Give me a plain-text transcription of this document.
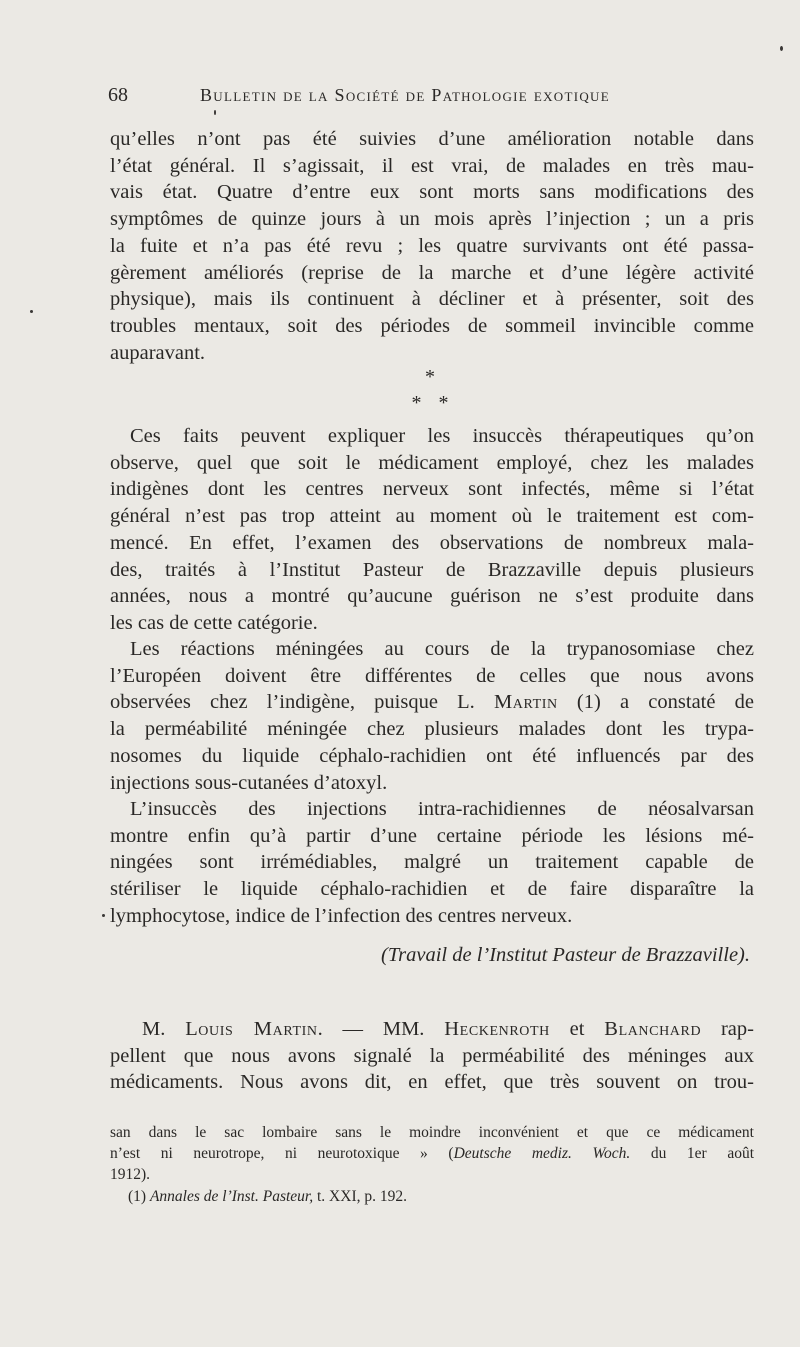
68	Bulletin de la Société de Pathologie exotique
qu’elles n’ont pas été suivies d’une amélioration notable dans
l’état général. Il s’agissait, il est vrai, de malades en très mau-
vais état. Quatre d’entre eux sont morts sans modifications des
symptômes de quinze jours à un mois après l’injection ; un a pris
la fuite et n’a pas été revu ; les quatre survivants ont été passa-
gèrement améliorés (reprise de la marche et d’une légère activité
physique), mais ils continuent à décliner et à présenter, soit des
troubles mentaux, soit des périodes de sommeil invincible comme
auparavant.
*
* *
Ces faits peuvent expliquer les insuccès thérapeutiques qu’on
observe, quel que soit le médicament employé, chez les malades
indigènes dont les centres nerveux sont infectés, même si l’état
général n’est pas trop atteint au moment où le traitement est com-
mencé. En effet, l’examen des observations de nombreux mala-
des, traités à l’Institut Pasteur de Brazzaville depuis plusieurs
années, nous a montré qu’aucune guérison ne s’est produite dans
les cas de cette catégorie.
Les réactions méningées au cours de la trypanosomiase chez
l’Européen doivent être différentes de celles que nous avons
observées chez l’indigène, puisque L. Martin (1) a constaté de
la perméabilité méningée chez plusieurs malades dont les trypa-
nosomes du liquide céphalo-rachidien ont été influencés par des
injections sous-cutanées d’atoxyl.
L’insuccès des injections intra-rachidiennes de néosalvarsan
montre enfin qu’à partir d’une certaine période les lésions mé-
ningées sont irrémédiables, malgré un traitement capable de
stériliser le liquide céphalo-rachidien et de faire disparaître la
lymphocytose, indice de l’infection des centres nerveux.
(Travail de l’Institut Pasteur de Brazzaville).
M. Louis Martin. — MM. Heckenroth et Blanchard rap-
pellent que nous avons signalé la perméabilité des méninges aux
médicaments. Nous avons dit, en effet, que très souvent on trou-
san dans le sac lombaire sans le moindre inconvénient et que ce médicament
n’est ni neurotrope, ni neurotoxique » (Deutsche mediz. Woch. du 1er août
1912).
(1) Annales de l’Inst. Pasteur, t. XXI, p. 192.
